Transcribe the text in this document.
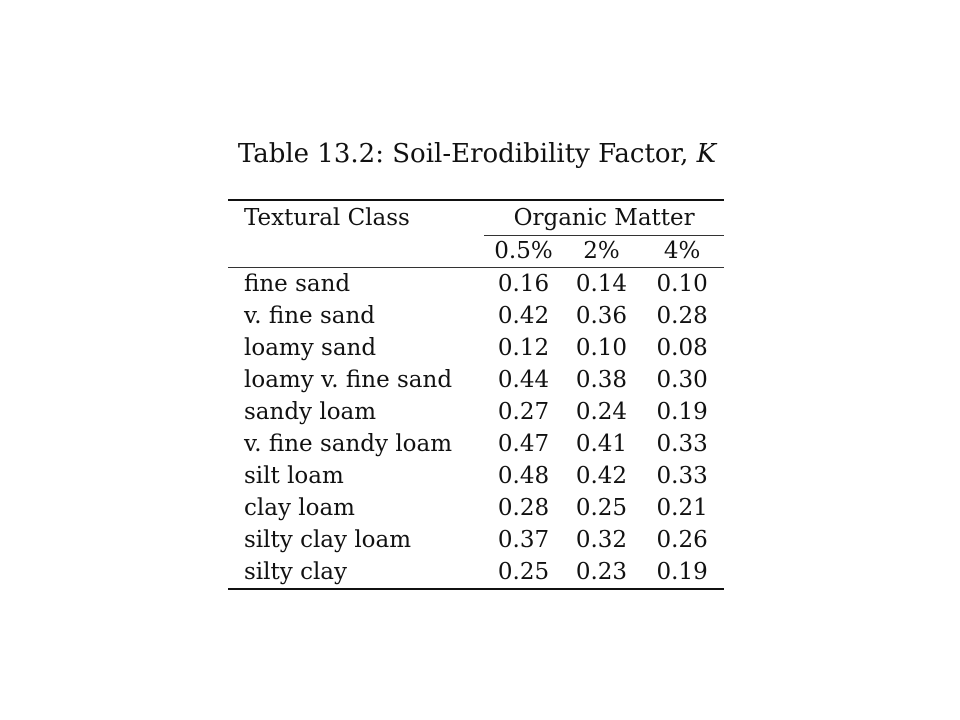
Table 13.2: Soil-Erodibility Factor, K
Textural Class	Organic Matter		
	0.5%	2%	4%
fine sand	0.16	0.14	0.10
v. fine sand	0.42	0.36	0.28
loamy sand	0.12	0.10	0.08
loamy v. fine sand	0.44	0.38	0.30
sandy loam	0.27	0.24	0.19
v. fine sandy loam	0.47	0.41	0.33
silt loam	0.48	0.42	0.33
clay loam	0.28	0.25	0.21
silty clay loam	0.37	0.32	0.26
silty clay	0.25	0.23	0.19
